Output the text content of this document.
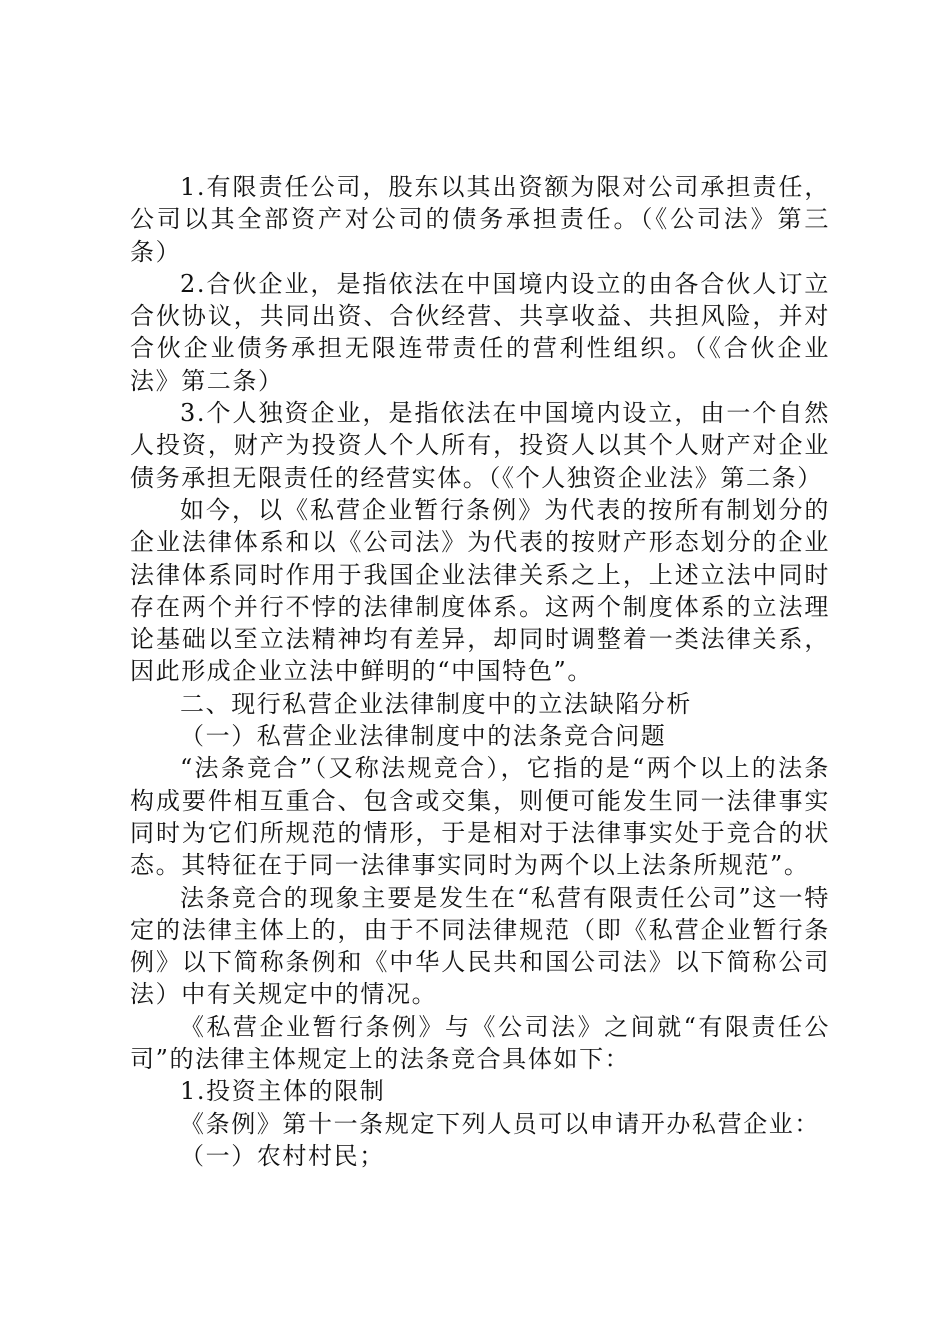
1.有限责任公司，股东以其出资额为限对公司承担责任，公司以其全部资产对公司的债务承担责任。（《公司法》第三条）

2.合伙企业，是指依法在中国境内设立的由各合伙人订立合伙协议，共同出资、合伙经营、共享收益、共担风险，并对合伙企业债务承担无限连带责任的营利性组织。（《合伙企业法》第二条）

3.个人独资企业，是指依法在中国境内设立，由一个自然人投资，财产为投资人个人所有，投资人以其个人财产对企业债务承担无限责任的经营实体。（《个人独资企业法》第二条）

如今，以《私营企业暂行条例》为代表的按所有制划分的企业法律体系和以《公司法》为代表的按财产形态划分的企业法律体系同时作用于我国企业法律关系之上，上述立法中同时存在两个并行不悖的法律制度体系。这两个制度体系的立法理论基础以至立法精神均有差异，却同时调整着一类法律关系，因此形成企业立法中鲜明的“中国特色”。

二、现行私营企业法律制度中的立法缺陷分析

（一）私营企业法律制度中的法条竞合问题

“法条竞合”（又称法规竞合），它指的是“两个以上的法条构成要件相互重合、包含或交集，则便可能发生同一法律事实同时为它们所规范的情形，于是相对于法律事实处于竞合的状态。其特征在于同一法律事实同时为两个以上法条所规范”。

法条竞合的现象主要是发生在“私营有限责任公司”这一特定的法律主体上的，由于不同法律规范（即《私营企业暂行条例》以下简称条例和《中华人民共和国公司法》以下简称公司法）中有关规定中的情况。

《私营企业暂行条例》与《公司法》之间就“有限责任公司”的法律主体规定上的法条竞合具体如下：

1.投资主体的限制

《条例》第十一条规定下列人员可以申请开办私营企业：

（一）农村村民；
